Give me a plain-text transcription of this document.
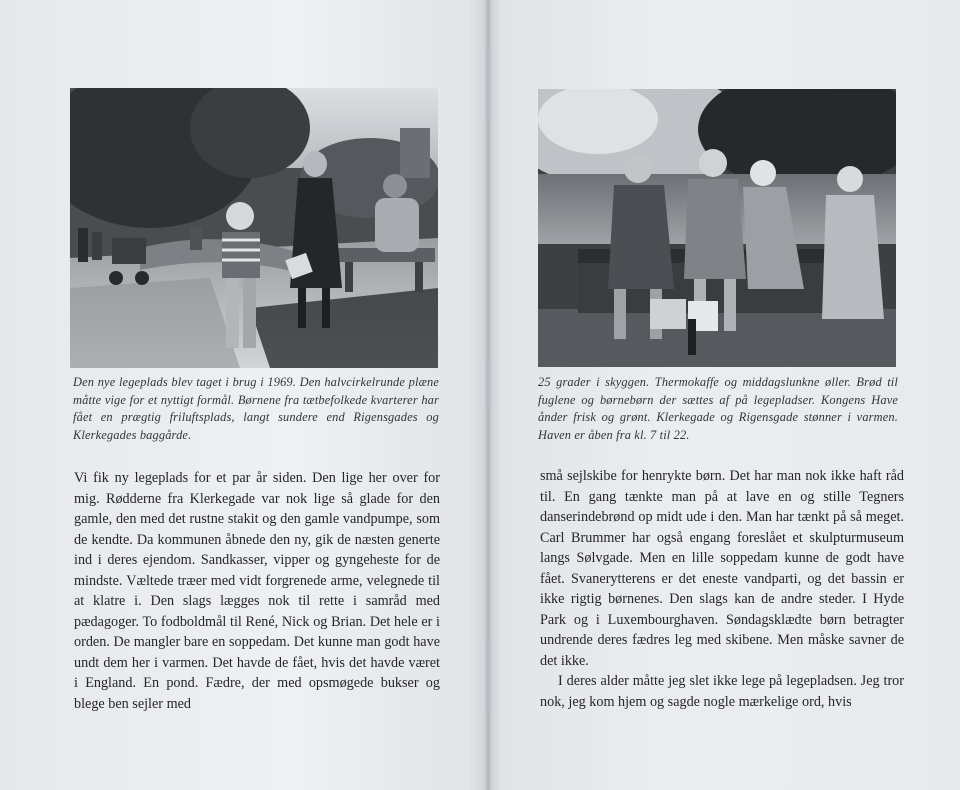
Den nye legeplads blev taget i brug i 1969. Den halvcirkelrunde plæne måtte vige for et nyttigt formål. Børnene fra tætbefolkede kvarterer har fået en prægtig friluftsplads, langt sundere end Rigensgades og Klerkegades baggårde.

Vi fik ny legeplads for et par år siden. Den lige her over for mig. Rødderne fra Klerkegade var nok lige så glade for den gamle, den med det rustne stakit og den gamle vandpumpe, som de kendte. Da kommunen åbnede den ny, gik de næsten generte ind i deres ejendom. Sandkasser, vipper og gyngeheste for de mindste. Væltede træer med vidt forgrenede arme, velegnede til at klatre i. Den slags lægges nok til rette i samråd med pædagoger. To fodboldmål til René, Nick og Brian. Det hele er i orden. De mangler bare en soppedam. Det kunne man godt have undt dem her i varmen. Det havde de fået, hvis det havde været i England. En pond. Fædre, der med opsmøgede bukser og blege ben sejler med

25 grader i skyggen. Thermokaffe og middagslunkne øller. Brød til fuglene og børnebørn der sættes af på legepladser. Kongens Have ånder frisk og grønt. Klerkegade og Rigensgade stønner i varmen. Haven er åben fra kl. 7 til 22.

små sejlskibe for henrykte børn. Det har man nok ikke haft råd til. En gang tænkte man på at lave en og stille Tegners danserindebrønd op midt ude i den. Man har tænkt på så meget. Carl Brummer har også engang foreslået et skulpturmuseum langs Sølvgade. Men en lille soppedam kunne de godt have fået. Svanerytterens er det eneste vandparti, og det bassin er ikke rigtig børnenes. Den slags kan de andre steder. I Hyde Park og i Luxembourghaven. Søndagsklædte børn betragter undrende deres fædres leg med skibene. Men måske savner de det ikke.

I deres alder måtte jeg slet ikke lege på legepladsen. Jeg tror nok, jeg kom hjem og sagde nogle mærkelige ord, hvis
